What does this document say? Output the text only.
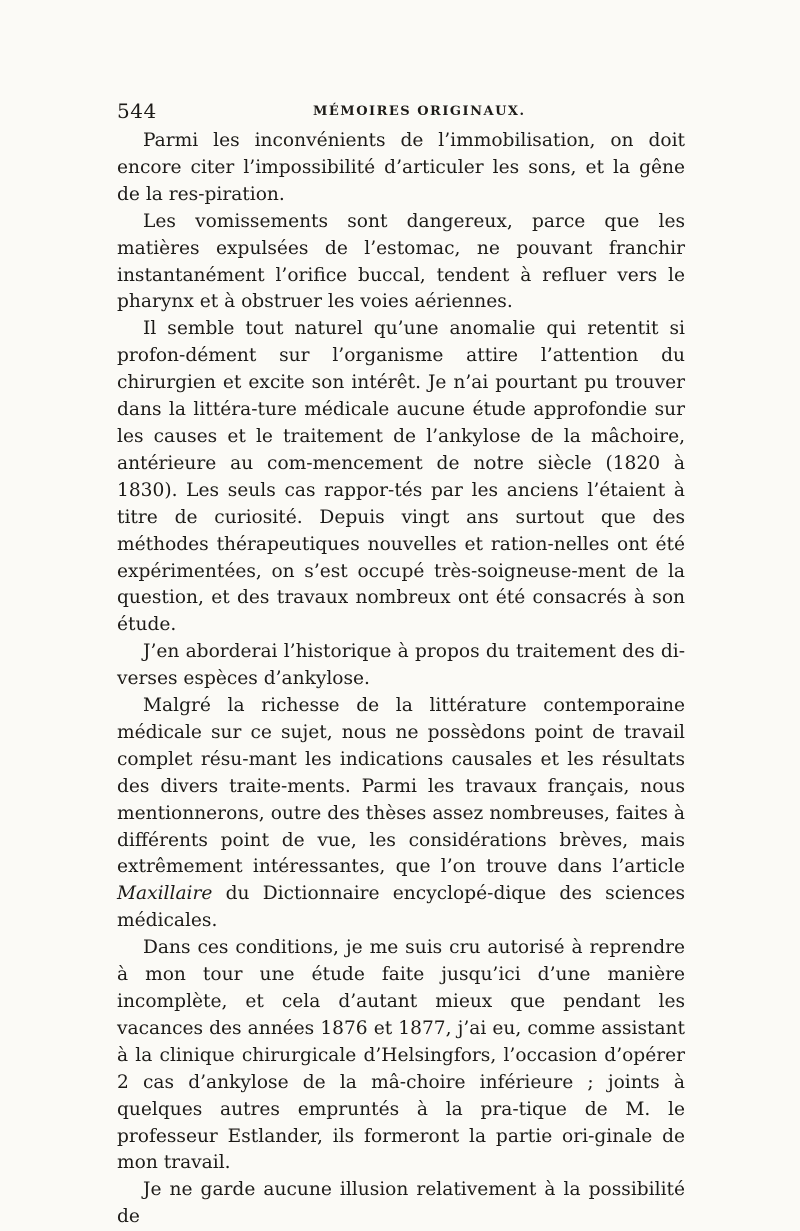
544	MÉMOIRES ORIGINAUX.

Parmi les inconvénients de l’immobilisation, on doit encore citer l’impossibilité d’articuler les sons, et la gêne de la res-piration.

Les vomissements sont dangereux, parce que les matières expulsées de l’estomac, ne pouvant franchir instantanément l’orifice buccal, tendent à refluer vers le pharynx et à obstruer les voies aériennes.

Il semble tout naturel qu’une anomalie qui retentit si profon-dément sur l’organisme attire l’attention du chirurgien et excite son intérêt. Je n’ai pourtant pu trouver dans la littéra-ture médicale aucune étude approfondie sur les causes et le traitement de l’ankylose de la mâchoire, antérieure au com-mencement de notre siècle (1820 à 1830). Les seuls cas rappor-tés par les anciens l’étaient à titre de curiosité. Depuis vingt ans surtout que des méthodes thérapeutiques nouvelles et ration-nelles ont été expérimentées, on s’est occupé très-soigneuse-ment de la question, et des travaux nombreux ont été consacrés à son étude.

J’en aborderai l’historique à propos du traitement des di-verses espèces d’ankylose.

Malgré la richesse de la littérature contemporaine médicale sur ce sujet, nous ne possèdons point de travail complet résu-mant les indications causales et les résultats des divers traite-ments. Parmi les travaux français, nous mentionnerons, outre des thèses assez nombreuses, faites à différents point de vue, les considérations brèves, mais extrêmement intéressantes, que l’on trouve dans l’article Maxillaire du Dictionnaire encyclopé-dique des sciences médicales.

Dans ces conditions, je me suis cru autorisé à reprendre à mon tour une étude faite jusqu’ici d’une manière incomplète, et cela d’autant mieux que pendant les vacances des années 1876 et 1877, j’ai eu, comme assistant à la clinique chirurgicale d’Helsingfors, l’occasion d’opérer 2 cas d’ankylose de la mâ-choire inférieure ; joints à quelques autres empruntés à la pra-tique de M. le professeur Estlander, ils formeront la partie ori-ginale de mon travail.

Je ne garde aucune illusion relativement à la possibilité de
